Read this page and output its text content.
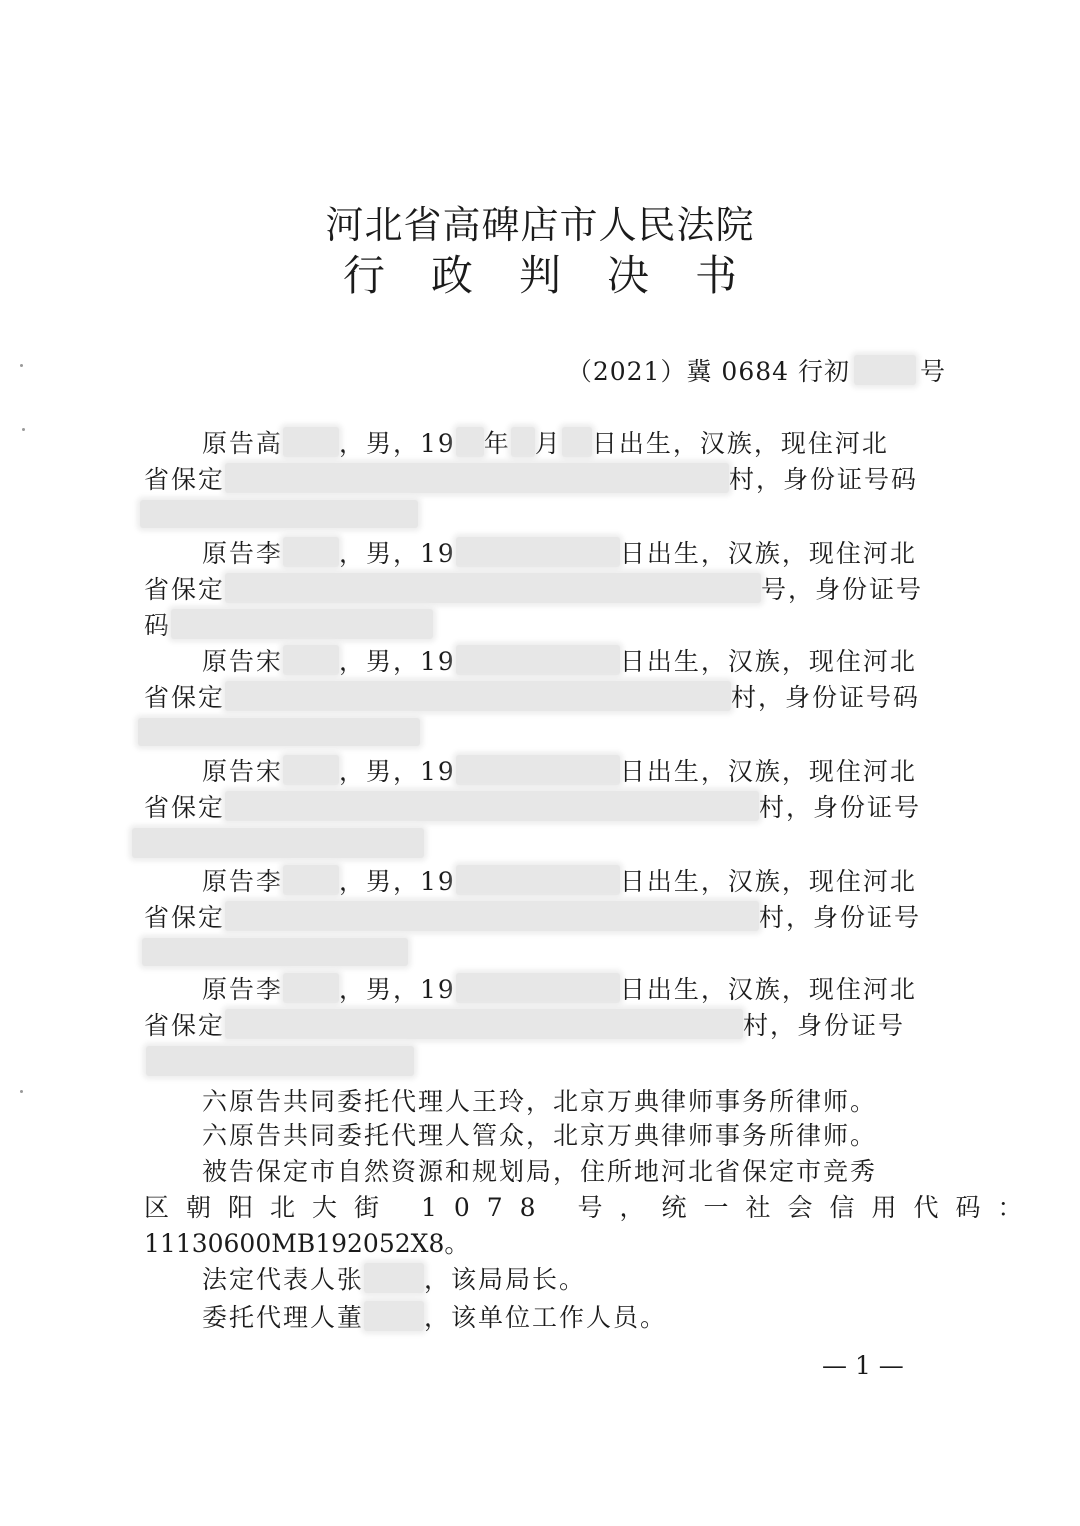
河北省高碑店市人民法院
行政判决书
（2021）冀 0684 行初	号
原告高 ，男，19 年 月 日出生，汉族，现住河北
省保定	村，身份证号码
原告李 ，男，19	日出生，汉族，现住河北
省保定	号，身份证号
码
原告宋 ，男，19	日出生，汉族，现住河北
省保定	村，身份证号码
原告宋 ，男，19	日出生，汉族，现住河北
省保定	村，身份证号
原告李 ，男，19	日出生，汉族，现住河北
省保定	村，身份证号
原告李 ，男，19	日出生，汉族，现住河北
省保定	村，身份证号
六原告共同委托代理人王玲，北京万典律师事务所律师。
六原告共同委托代理人管众，北京万典律师事务所律师。
被告保定市自然资源和规划局，住所地河北省保定市竞秀
区朝阳北大街 1078 号，统一社会信用代码：
11130600MB192052X8。
法定代表人张 ，该局局长。
委托代理人董 ，该单位工作人员。
— 1 —
